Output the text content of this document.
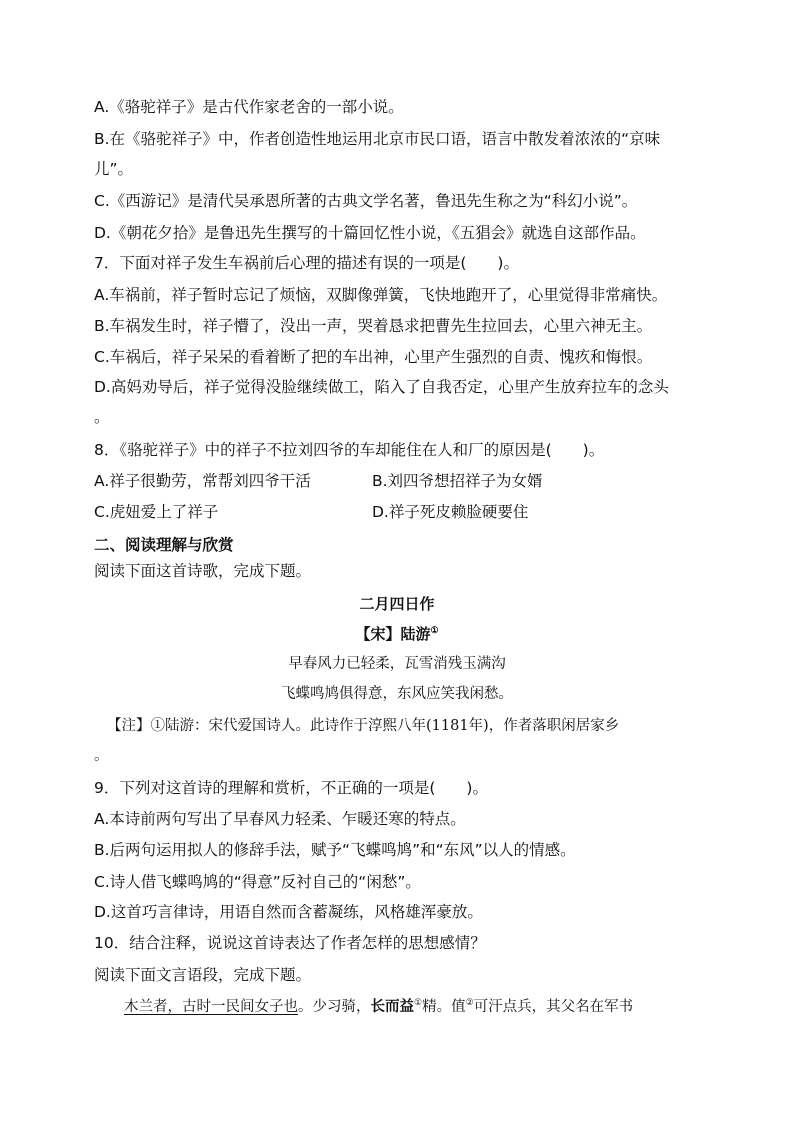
A.《骆驼祥子》是古代作家老舍的一部小说。
B.在《骆驼祥子》中，作者创造性地运用北京市民口语，语言中散发着浓浓的“京味
儿”。
C.《西游记》是清代吴承恩所著的古典文学名著，鲁迅先生称之为“科幻小说”。
D.《朝花夕拾》是鲁迅先生撰写的十篇回忆性小说，《五猖会》就选自这部作品。
7．下面对祥子发生车祸前后心理的描述有误的一项是(　　)。
A.车祸前，祥子暂时忘记了烦恼，双脚像弹簧，飞快地跑开了，心里觉得非常痛快。
B.车祸发生时，祥子懵了，没出一声，哭着恳求把曹先生拉回去，心里六神无主。
C.车祸后，祥子呆呆的看着断了把的车出神，心里产生强烈的自责、愧疚和悔恨。
D.高妈劝导后，祥子觉得没脸继续做工，陷入了自我否定，心里产生放弃拉车的念头
。
8．《骆驼祥子》中的祥子不拉刘四爷的车却能住在人和厂的原因是(　　)。
A.祥子很勤劳，常帮刘四爷干活	B.刘四爷想招祥子为女婿
C.虎妞爱上了祥子	D.祥子死皮赖脸硬要住
二、阅读理解与欣赏
阅读下面这首诗歌，完成下题。
二月四日作
【宋】陆游①
早春风力已轻柔，瓦雪消残玉满沟
飞蝶鸣鸠俱得意，东风应笑我闲愁。
【注】①陆游：宋代爱国诗人。此诗作于淳熙八年(1181年)，作者落职闲居家乡
。
9．下列对这首诗的理解和赏析，不正确的一项是(　　)。
A.本诗前两句写出了早春风力轻柔、乍暖还寒的特点。
B.后两句运用拟人的修辞手法，赋予“飞蝶鸣鸠”和“东风”以人的情感。
C.诗人借飞蝶鸣鸠的“得意”反衬自己的“闲愁”。
D.这首巧言律诗，用语自然而含蓄凝练，风格雄浑豪放。
10．结合注释，说说这首诗表达了作者怎样的思想感情？
阅读下面文言语段，完成下题。
木兰者，古时一民间女子也。少习骑，长而益①精。值②可汗点兵，其父名在军书
